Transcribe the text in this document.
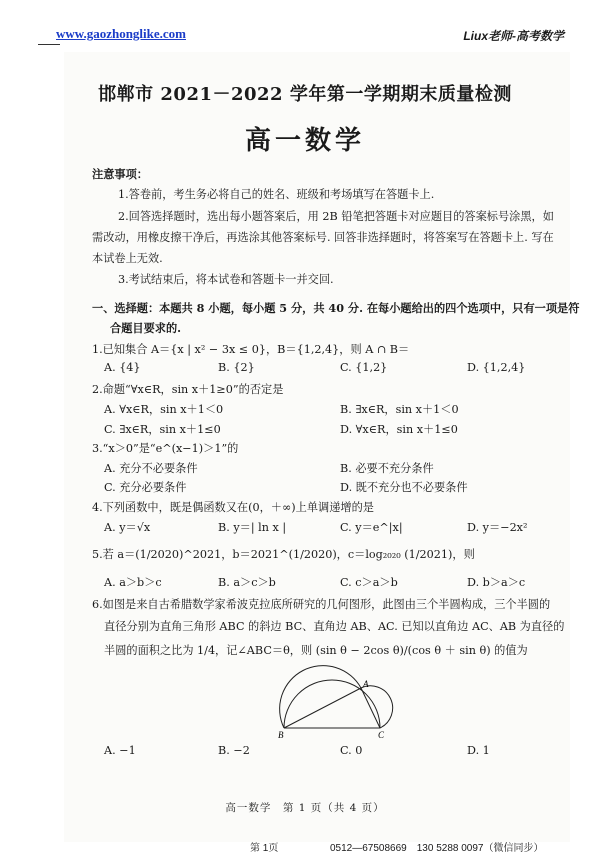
www.gaozhonglike.com	Liux老师-高考数学
邯郸市 2021－2022 学年第一学期期末质量检测
高一数学
注意事项：
1.答卷前，考生务必将自己的姓名、班级和考场填写在答题卡上.
2.回答选择题时，选出每小题答案后，用 2B 铅笔把答题卡对应题目的答案标号涂黑，如
需改动，用橡皮擦干净后，再选涂其他答案标号. 回答非选择题时，将答案写在答题卡上. 写在
本试卷上无效.
3.考试结束后，将本试卷和答题卡一并交回.
一、选择题：本题共 8 小题，每小题 5 分，共 40 分. 在每小题给出的四个选项中，只有一项是符
合题目要求的.
1.已知集合 A＝{x | x² − 3x ≤ 0}，B＝{1,2,4}，则 A ∩ B＝
A. {4}	B. {2}	C. {1,2}	D. {1,2,4}
2.命题“∀x∈R，sin x＋1≥0”的否定是
A. ∀x∈R，sin x＋1＜0	B. ∃x∈R，sin x＋1＜0
C. ∃x∈R，sin x＋1≤0	D. ∀x∈R，sin x＋1≤0
3.“x＞0”是“e^(x−1)＞1”的
A. 充分不必要条件	B. 必要不充分条件
C. 充分必要条件	D. 既不充分也不必要条件
4.下列函数中，既是偶函数又在(0，＋∞)上单调递增的是
A. y＝√x	B. y＝| ln x |	C. y＝e^|x|	D. y＝−2x²
5.若 a＝(1/2020)^2021，b＝2021^(1/2020)，c＝log₂₀₂₀ (1/2021)，则
A. a＞b＞c	B. a＞c＞b	C. c＞a＞b	D. b＞a＞c
6.如图是来自古希腊数学家希波克拉底所研究的几何图形，此图由三个半圆构成，三个半圆的
直径分别为直角三角形 ABC 的斜边 BC、直角边 AB、AC. 已知以直角边 AC、AB 为直径的
半圆的面积之比为 1/4，记∠ABC＝θ，则 (sin θ − 2cos θ)/(cos θ ＋ sin θ) 的值为
A
B	C
A. −1	B. −2	C. 0	D. 1
高一数学　第 1 页（共 4 页）
第 1页	0512—67508669　130 5288 0097（微信同步）
